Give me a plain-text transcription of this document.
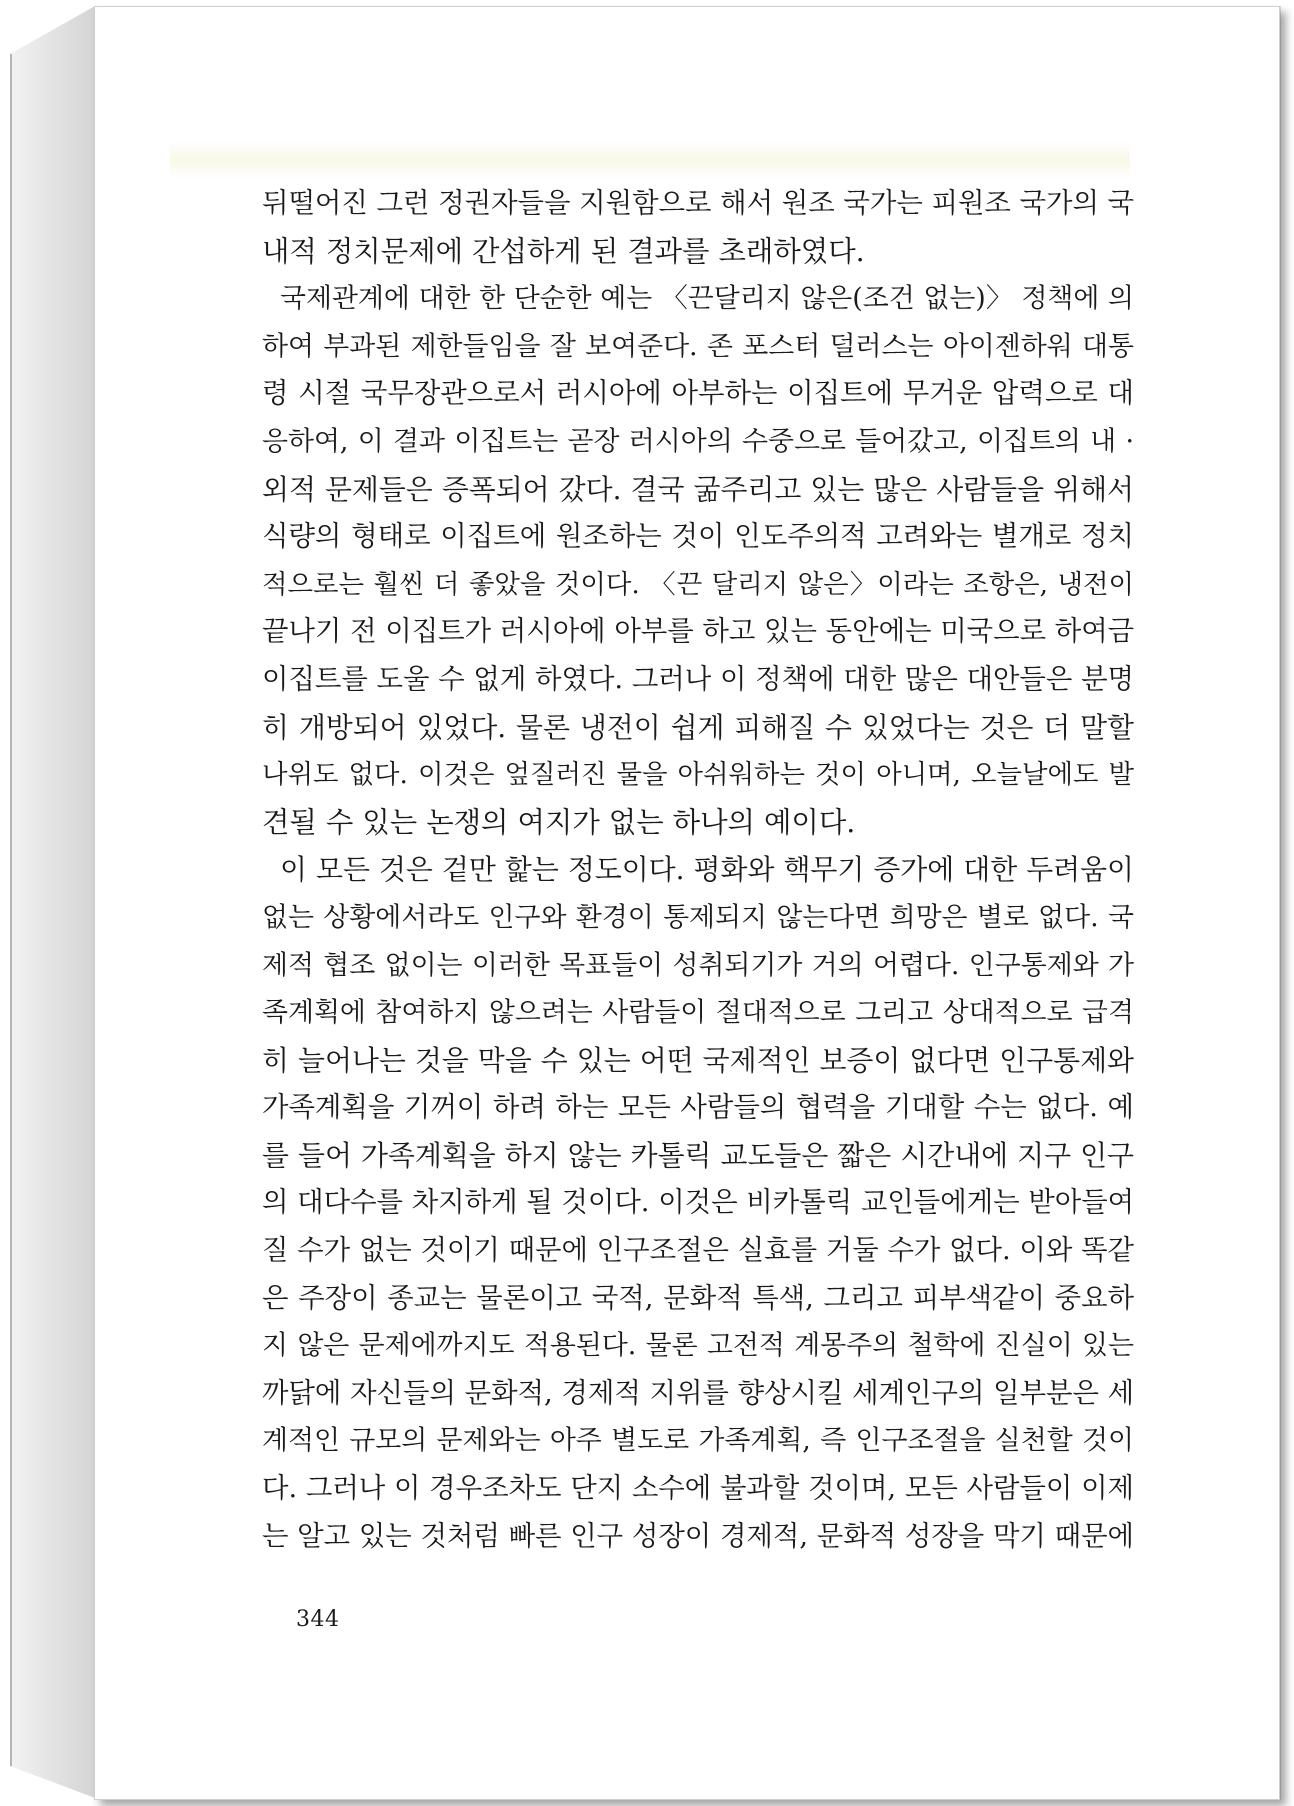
뒤떨어진 그런 정권자들을 지원함으로 해서 원조 국가는 피원조 국가의 국
내적 정치문제에 간섭하게 된 결과를 초래하였다.
국제관계에 대한 한 단순한 예는 〈끈달리지 않은(조건 없는)〉 정책에 의
하여 부과된 제한들임을 잘 보여준다. 존 포스터 덜러스는 아이젠하워 대통
령 시절 국무장관으로서 러시아에 아부하는 이집트에 무거운 압력으로 대
응하여, 이 결과 이집트는 곧장 러시아의 수중으로 들어갔고, 이집트의 내 ·
외적 문제들은 증폭되어 갔다. 결국 굶주리고 있는 많은 사람들을 위해서
식량의 형태로 이집트에 원조하는 것이 인도주의적 고려와는 별개로 정치
적으로는 훨씬 더 좋았을 것이다. 〈끈 달리지 않은〉이라는 조항은, 냉전이
끝나기 전 이집트가 러시아에 아부를 하고 있는 동안에는 미국으로 하여금
이집트를 도울 수 없게 하였다. 그러나 이 정책에 대한 많은 대안들은 분명
히 개방되어 있었다. 물론 냉전이 쉽게 피해질 수 있었다는 것은 더 말할
나위도 없다. 이것은 엎질러진 물을 아쉬워하는 것이 아니며, 오늘날에도 발
견될 수 있는 논쟁의 여지가 없는 하나의 예이다.
이 모든 것은 겉만 핥는 정도이다. 평화와 핵무기 증가에 대한 두려움이
없는 상황에서라도 인구와 환경이 통제되지 않는다면 희망은 별로 없다. 국
제적 협조 없이는 이러한 목표들이 성취되기가 거의 어렵다. 인구통제와 가
족계획에 참여하지 않으려는 사람들이 절대적으로 그리고 상대적으로 급격
히 늘어나는 것을 막을 수 있는 어떤 국제적인 보증이 없다면 인구통제와
가족계획을 기꺼이 하려 하는 모든 사람들의 협력을 기대할 수는 없다. 예
를 들어 가족계획을 하지 않는 카톨릭 교도들은 짧은 시간내에 지구 인구
의 대다수를 차지하게 될 것이다. 이것은 비카톨릭 교인들에게는 받아들여
질 수가 없는 것이기 때문에 인구조절은 실효를 거둘 수가 없다. 이와 똑같
은 주장이 종교는 물론이고 국적, 문화적 특색, 그리고 피부색같이 중요하
지 않은 문제에까지도 적용된다. 물론 고전적 계몽주의 철학에 진실이 있는
까닭에 자신들의 문화적, 경제적 지위를 향상시킬 세계인구의 일부분은 세
계적인 규모의 문제와는 아주 별도로 가족계획, 즉 인구조절을 실천할 것이
다. 그러나 이 경우조차도 단지 소수에 불과할 것이며, 모든 사람들이 이제
는 알고 있는 것처럼 빠른 인구 성장이 경제적, 문화적 성장을 막기 때문에
344
